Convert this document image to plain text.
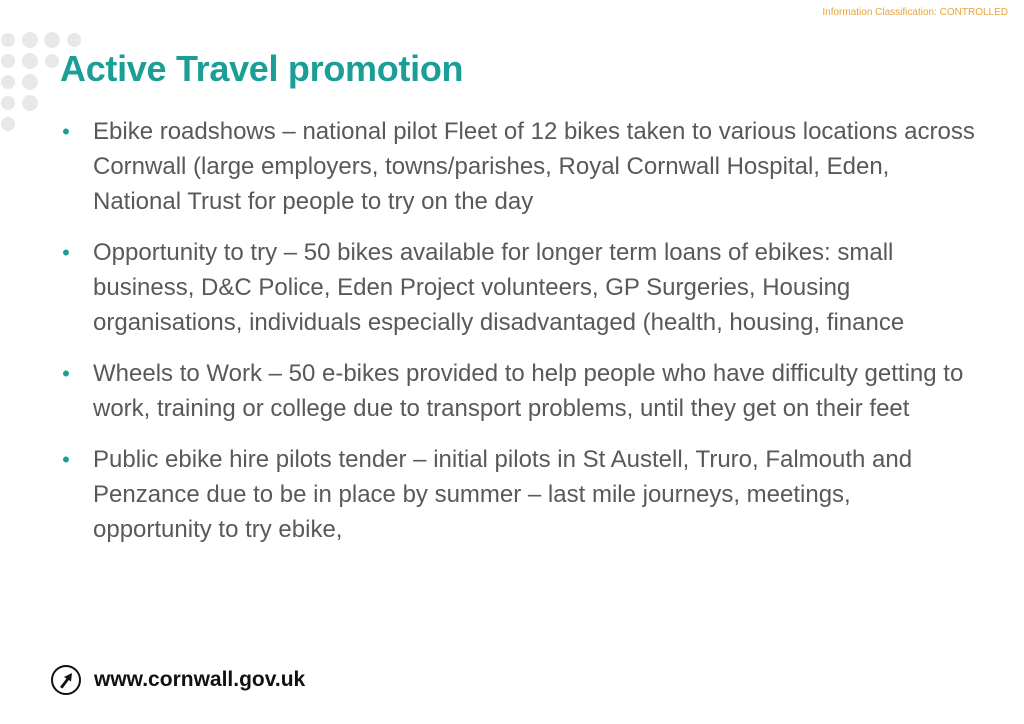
Information Classification: CONTROLLED
Active Travel promotion
• Ebike roadshows – national pilot Fleet of 12 bikes taken to various locations across Cornwall (large employers, towns/parishes, Royal Cornwall Hospital, Eden, National Trust for people to try on the day
• Opportunity to try – 50 bikes available for longer term loans of ebikes: small business, D&C Police, Eden Project volunteers, GP Surgeries, Housing organisations, individuals especially disadvantaged (health, housing, finance
• Wheels to Work – 50 e-bikes provided to help people who have difficulty getting to work, training or college due to transport problems, until they get on their feet
• Public ebike hire pilots tender – initial pilots in St Austell, Truro, Falmouth and Penzance due to be in place by summer – last mile journeys, meetings, opportunity to try ebike,
www.cornwall.gov.uk
